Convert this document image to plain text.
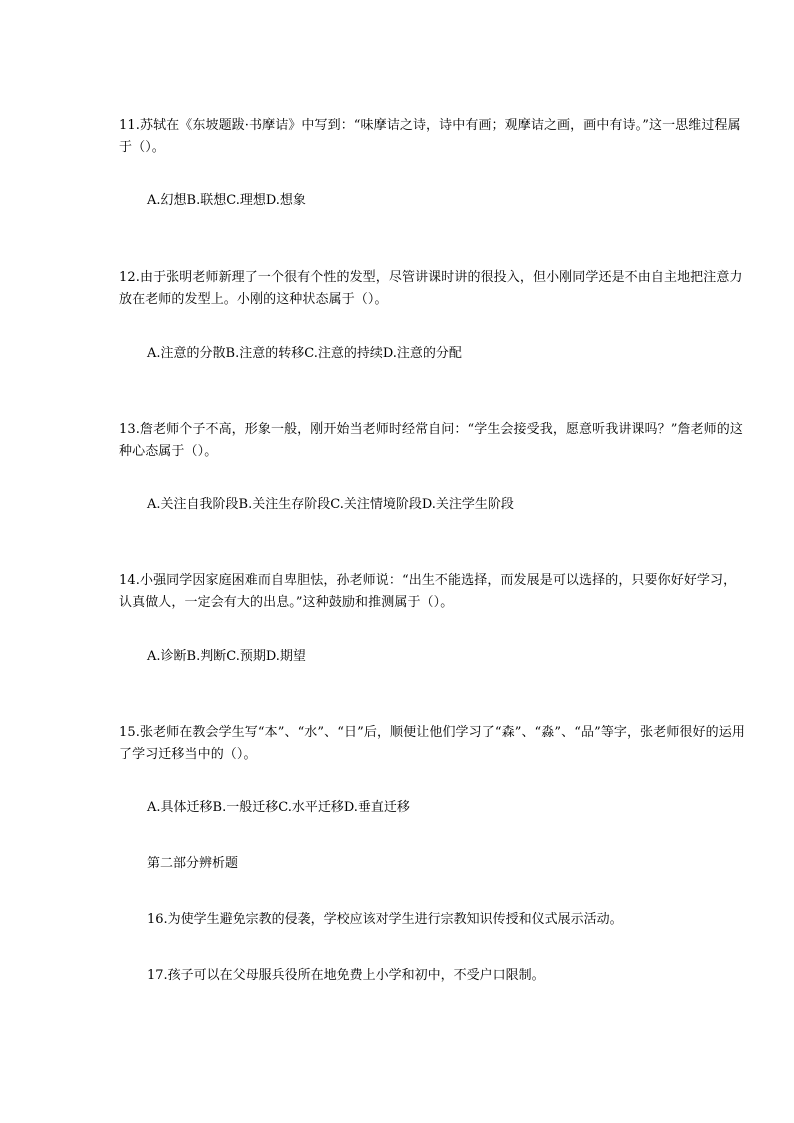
11.苏轼在《东坡题跋·书摩诘》中写到：“味摩诘之诗，诗中有画；观摩诘之画，画中有诗。”这一思维过程属于（）。

A.幻想B.联想C.理想D.想象

12.由于张明老师新理了一个很有个性的发型，尽管讲课时讲的很投入，但小刚同学还是不由自主地把注意力放在老师的发型上。小刚的这种状态属于（）。

A.注意的分散B.注意的转移C.注意的持续D.注意的分配

13.詹老师个子不高，形象一般，刚开始当老师时经常自问：“学生会接受我，愿意听我讲课吗？”詹老师的这种心态属于（）。

A.关注自我阶段B.关注生存阶段C.关注情境阶段D.关注学生阶段

14.小强同学因家庭困难而自卑胆怯，孙老师说：“出生不能选择，而发展是可以选择的，只要你好好学习，认真做人，一定会有大的出息。”这种鼓励和推测属于（）。

A.诊断B.判断C.预期D.期望

15.张老师在教会学生写“本”、“水”、“日”后，顺便让他们学习了“森”、“淼”、“品”等字，张老师很好的运用了学习迁移当中的（）。

A.具体迁移B.一般迁移C.水平迁移D.垂直迁移

第二部分辨析题

16.为使学生避免宗教的侵袭，学校应该对学生进行宗教知识传授和仪式展示活动。

17.孩子可以在父母服兵役所在地免费上小学和初中，不受户口限制。
